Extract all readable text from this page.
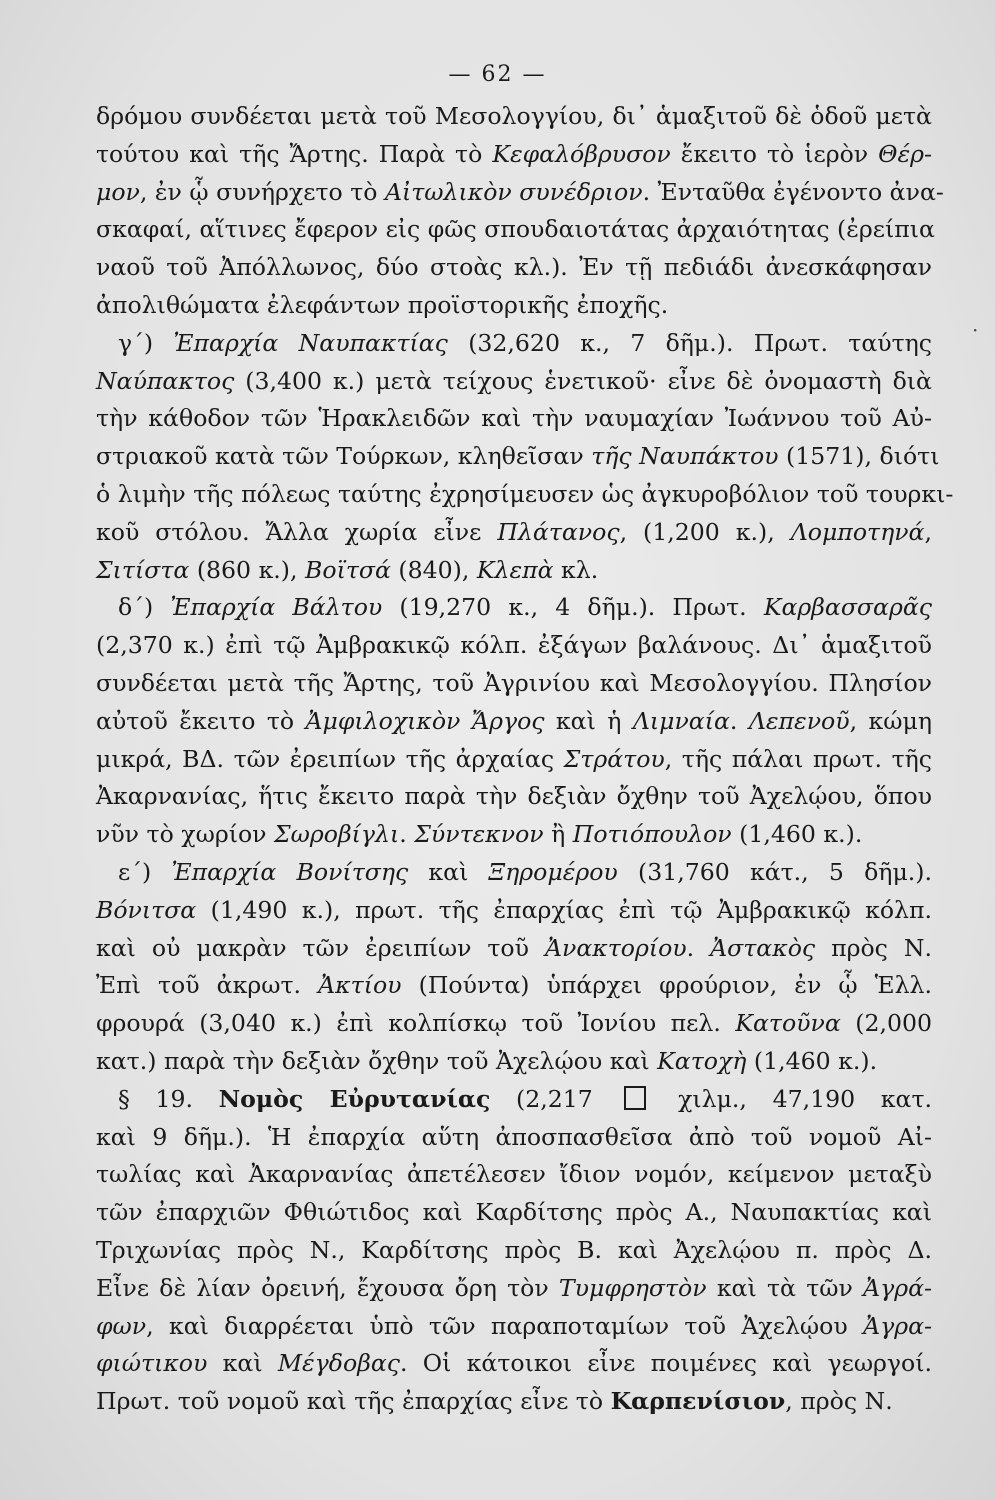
— 62 —
δρόμου συνδέεται μετὰ τοῦ Μεσολογγίου, δι᾿ ἁμαξιτοῦ δὲ ὁδοῦ μετὰ
τούτου καὶ τῆς Ἄρτης. Παρὰ τὸ Κεφαλόβρυσον ἔκειτο τὸ ἱερὸν Θέρ-
μον, ἐν ᾧ συνήρχετο τὸ Αἰτωλικὸν συνέδριον. Ἐνταῦθα ἐγένοντο ἀνα-
σκαφαί, αἵτινες ἔφερον εἰς φῶς σπουδαιοτάτας ἀρχαιότητας (ἐρείπια
ναοῦ τοῦ Ἀπόλλωνος, δύο στοὰς κλ.). Ἐν τῇ πεδιάδι ἀνεσκάφησαν
ἀπολιθώματα ἐλεφάντων προϊστορικῆς ἐποχῆς.
γ´) Ἐπαρχία Ναυπακτίας (32,620 κ., 7 δῆμ.). Πρωτ. ταύτης
Ναύπακτος (3,400 κ.) μετὰ τείχους ἑνετικοῦ· εἶνε δὲ ὀνομαστὴ διὰ
τὴν κάθοδον τῶν Ἡρακλειδῶν καὶ τὴν ναυμαχίαν Ἰωάννου τοῦ Αὐ-
στριακοῦ κατὰ τῶν Τούρκων, κληθεῖσαν τῆς Ναυπάκτου (1571), διότι
ὁ λιμὴν τῆς πόλεως ταύτης ἐχρησίμευσεν ὡς ἀγκυροβόλιον τοῦ τουρκι-
κοῦ στόλου. Ἄλλα χωρία εἶνε Πλάτανος, (1,200 κ.), Λομποτηνά,
Σιτίστα (860 κ.), Βοϊτσά (840), Κλεπὰ κλ.
δ´) Ἐπαρχία Βάλτου (19,270 κ., 4 δῆμ.). Πρωτ. Καρβασσαρᾶς
(2,370 κ.) ἐπὶ τῷ Ἀμβρακικῷ κόλπ. ἐξάγων βαλάνους. Δι᾿ ἁμαξιτοῦ
συνδέεται μετὰ τῆς Ἄρτης, τοῦ Ἀγρινίου καὶ Μεσολογγίου. Πλησίον
αὐτοῦ ἔκειτο τὸ Ἀμφιλοχικὸν Ἄργος καὶ ἡ Λιμναία. Λεπενοῦ, κώμη
μικρά, ΒΔ. τῶν ἐρειπίων τῆς ἀρχαίας Στράτου, τῆς πάλαι πρωτ. τῆς
Ἀκαρνανίας, ἥτις ἔκειτο παρὰ τὴν δεξιὰν ὄχθην τοῦ Ἀχελῴου, ὅπου
νῦν τὸ χωρίον Σωροβίγλι. Σύντεκνον ἢ Ποτιόπουλον (1,460 κ.).
ε´) Ἐπαρχία Βονίτσης καὶ Ξηρομέρου (31,760 κάτ., 5 δῆμ.).
Βόνιτσα (1,490 κ.), πρωτ. τῆς ἐπαρχίας ἐπὶ τῷ Ἀμβρακικῷ κόλπ.
καὶ οὐ μακρὰν τῶν ἐρειπίων τοῦ Ἀνακτορίου. Ἀστακὸς πρὸς Ν.
Ἐπὶ τοῦ ἀκρωτ. Ἀκτίου (Πούντα) ὑπάρχει φρούριον, ἐν ᾧ Ἑλλ.
φρουρά (3,040 κ.) ἐπὶ κολπίσκῳ τοῦ Ἰονίου πελ. Κατοῦνα (2,000
κατ.) παρὰ τὴν δεξιὰν ὄχθην τοῦ Ἀχελῴου καὶ Κατοχὴ (1,460 κ.).
§ 19. Νομὸς Εὐρυτανίας (2,217  χιλμ., 47,190 κατ.
καὶ 9 δῆμ.). Ἡ ἐπαρχία αὕτη ἀποσπασθεῖσα ἀπὸ τοῦ νομοῦ Αἰ-
τωλίας καὶ Ἀκαρνανίας ἀπετέλεσεν ἴδιον νομόν, κείμενον μεταξὺ
τῶν ἐπαρχιῶν Φθιώτιδος καὶ Καρδίτσης πρὸς Α., Ναυπακτίας καὶ
Τριχωνίας πρὸς Ν., Καρδίτσης πρὸς Β. καὶ Ἀχελῴου π. πρὸς Δ.
Εἶνε δὲ λίαν ὀρεινή, ἔχουσα ὄρη τὸν Τυμφρηστὸν καὶ τὰ τῶν Ἀγρά-
φων, καὶ διαρρέεται ὑπὸ τῶν παραποταμίων τοῦ Ἀχελῴου Ἀγρα-
φιώτικου καὶ Μέγδοβας. Οἱ κάτοικοι εἶνε ποιμένες καὶ γεωργοί.
Πρωτ. τοῦ νομοῦ καὶ τῆς ἐπαρχίας εἶνε τὸ Καρπενίσιον, πρὸς Ν.
·
